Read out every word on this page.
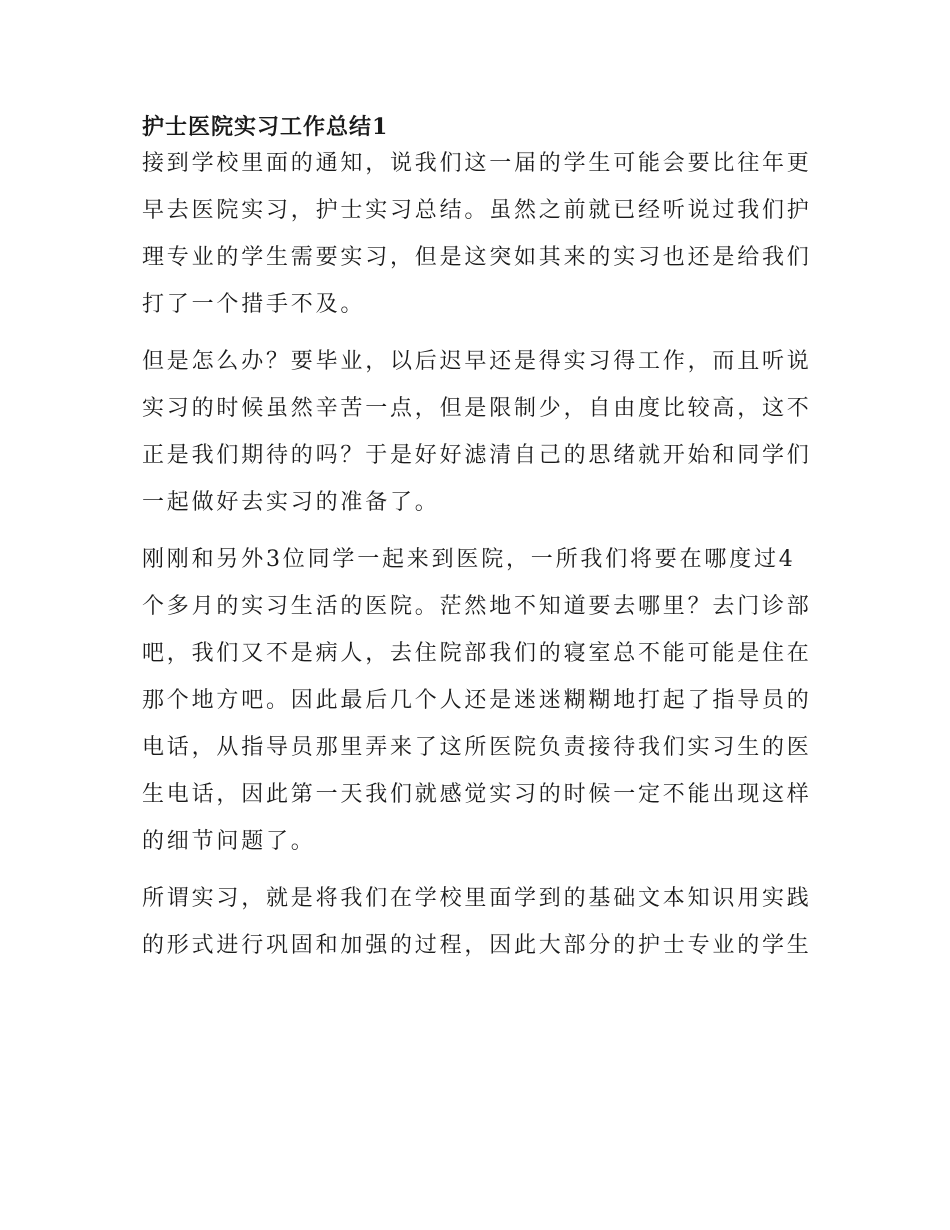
护士医院实习工作总结1

接到学校里面的通知，说我们这一届的学生可能会要比往年更

早去医院实习，护士实习总结。虽然之前就已经听说过我们护

理专业的学生需要实习，但是这突如其来的实习也还是给我们

打了一个措手不及。

但是怎么办？要毕业，以后迟早还是得实习得工作，而且听说

实习的时候虽然辛苦一点，但是限制少，自由度比较高，这不

正是我们期待的吗？于是好好滤清自己的思绪就开始和同学们

一起做好去实习的准备了。

刚刚和另外3位同学一起来到医院，一所我们将要在哪度过4

个多月的实习生活的医院。茫然地不知道要去哪里？去门诊部

吧，我们又不是病人，去住院部我们的寝室总不能可能是住在

那个地方吧。因此最后几个人还是迷迷糊糊地打起了指导员的

电话，从指导员那里弄来了这所医院负责接待我们实习生的医

生电话，因此第一天我们就感觉实习的时候一定不能出现这样

的细节问题了。

所谓实习，就是将我们在学校里面学到的基础文本知识用实践

的形式进行巩固和加强的过程，因此大部分的护士专业的学生
